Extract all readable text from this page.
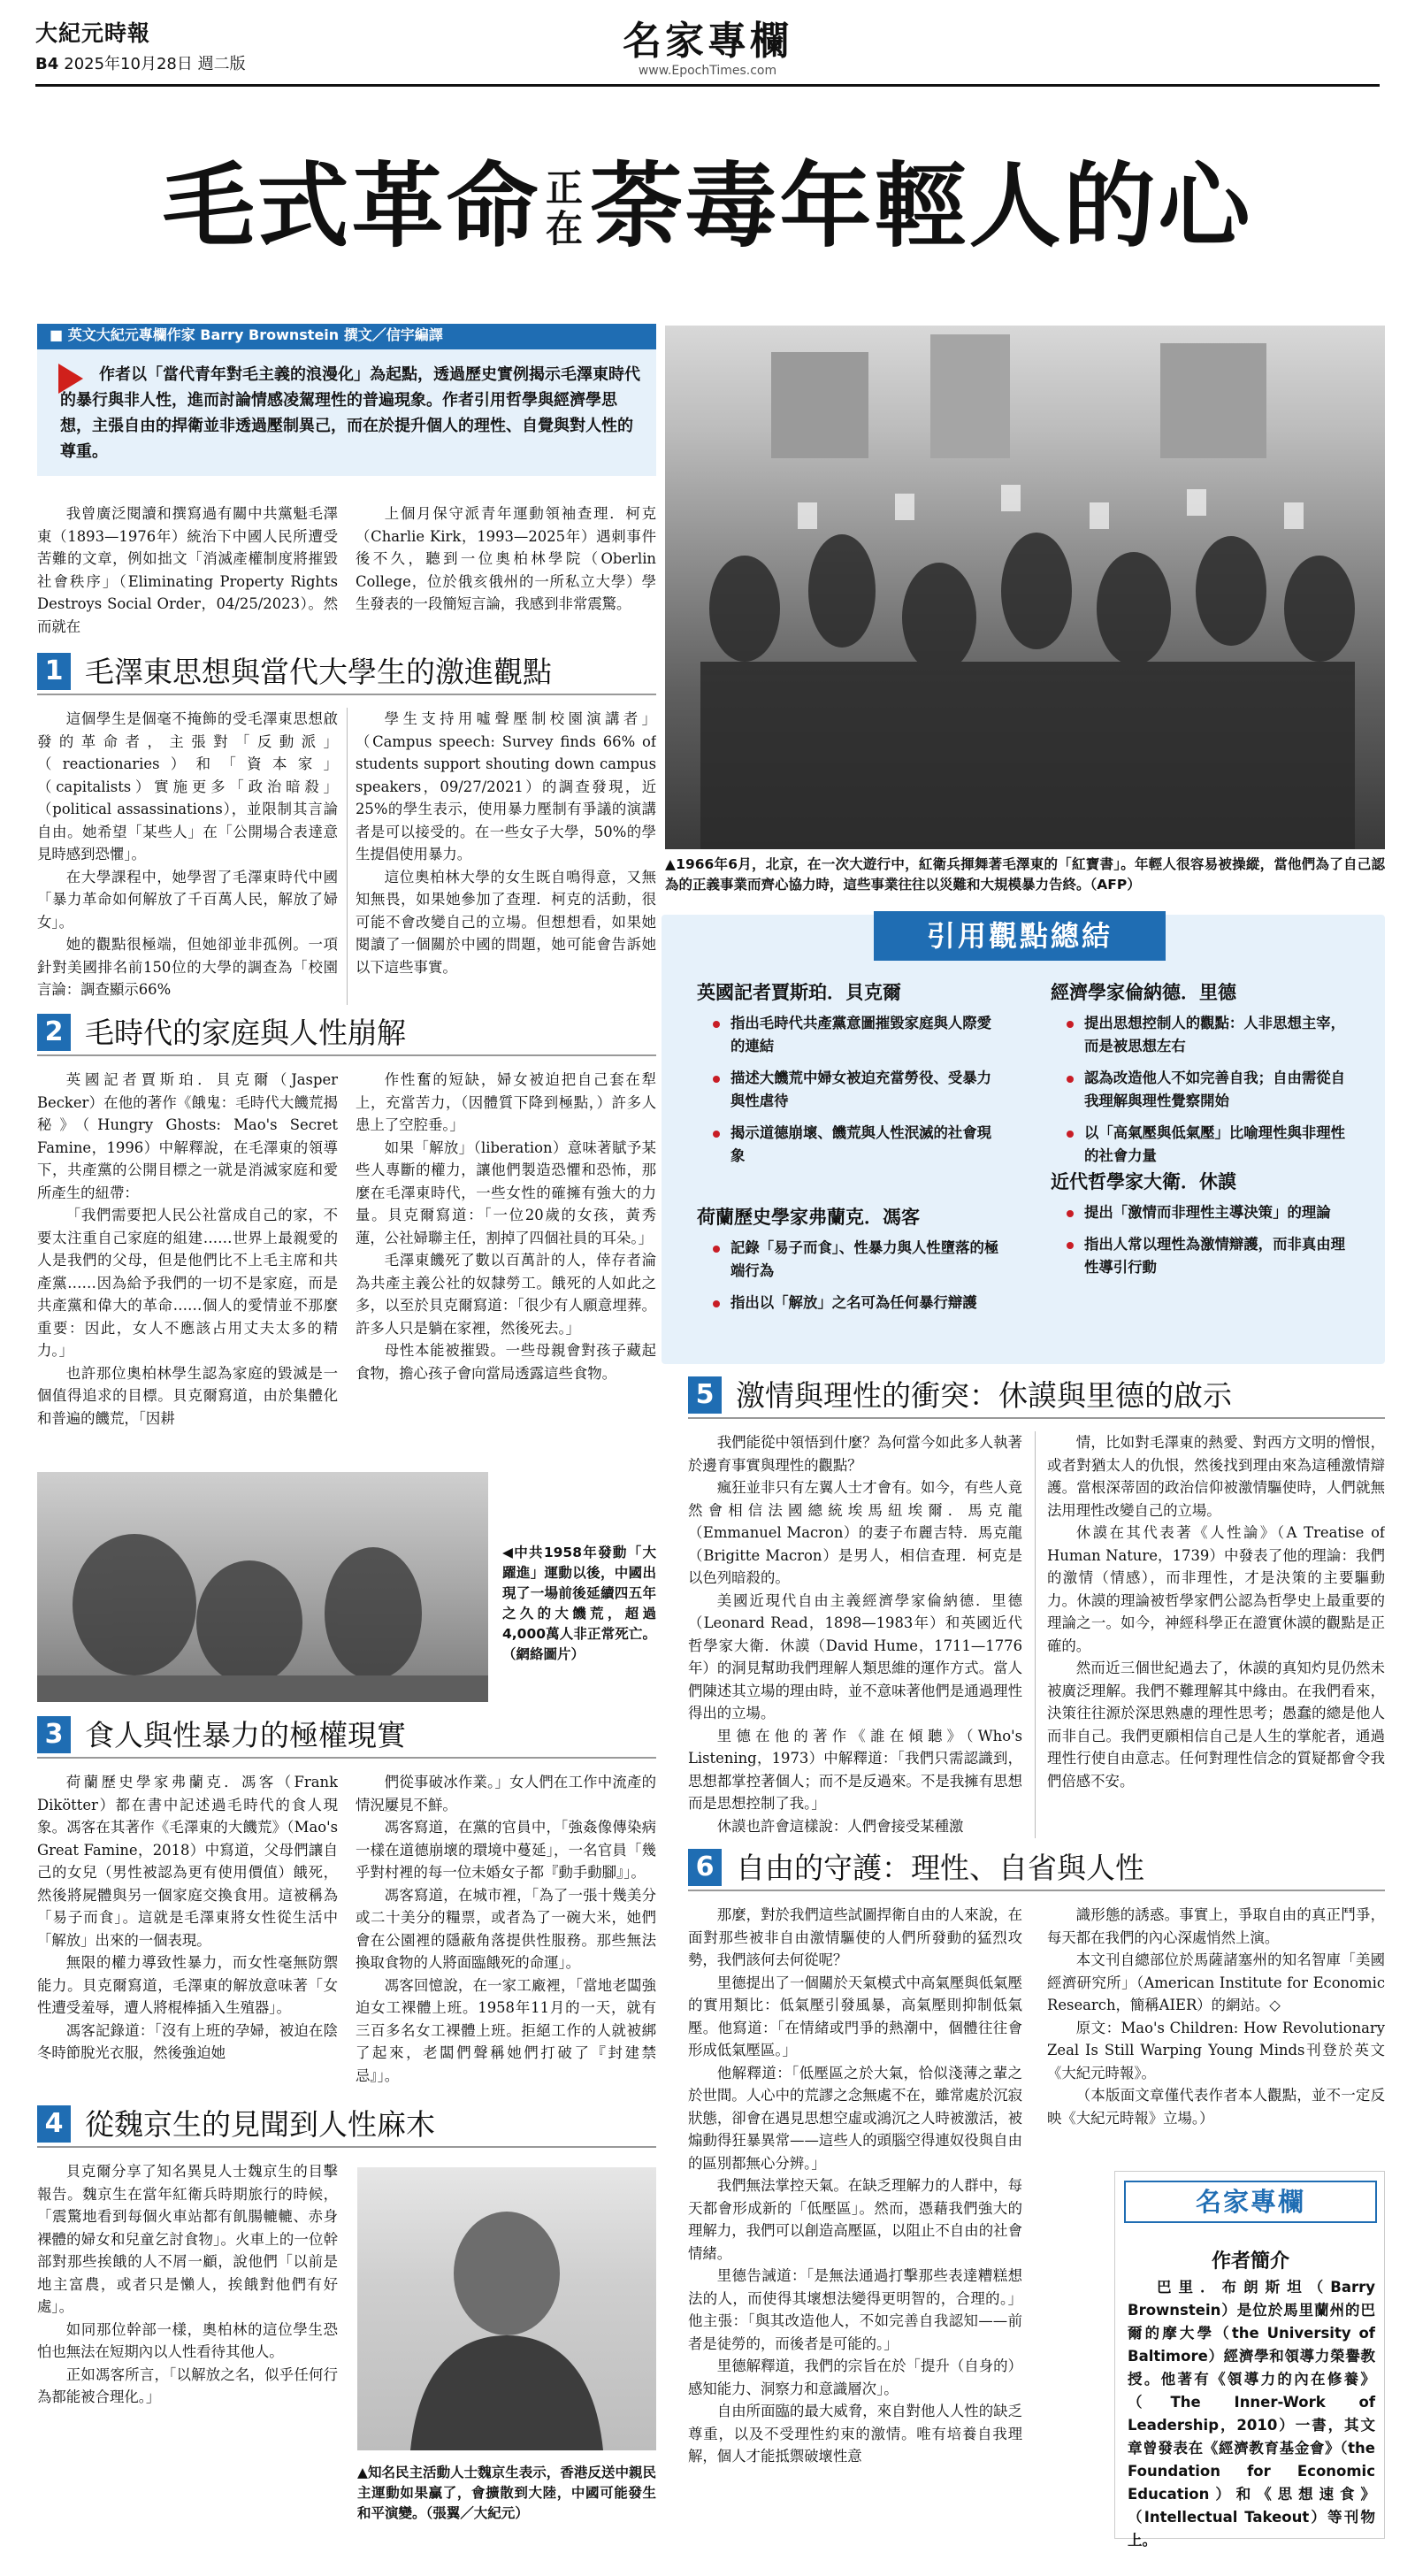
大紀元時報
B4 2025年10月28日 週二版
名家專欄
www.EpochTimes.com
毛式革命 正
在荼毒年輕人的心
■ 英文大紀元專欄作家 Barry Brownstein 撰文／信宇編譯
作者以「當代青年對毛主義的浪漫化」為起點，透過歷史實例揭示毛澤東時代的暴行與非人性，進而討論情感凌駕理性的普遍現象。作者引用哲學與經濟學思想，主張自由的捍衛並非透過壓制異己，而在於提升個人的理性、自覺與對人性的尊重。

我曾廣泛閱讀和撰寫過有關中共黨魁毛澤東（1893—1976年）統治下中國人民所遭受苦難的文章，例如拙文「消滅產權制度將摧毀社會秩序」（Eliminating Property Rights Destroys Social Order，04/25/2023）。然而就在

上個月保守派青年運動領袖查理．柯克（Charlie Kirk，1993—2025年）遇刺事件後不久，聽到一位奧柏林學院（Oberlin College，位於俄亥俄州的一所私立大學）學生發表的一段簡短言論，我感到非常震驚。

1 毛澤東思想與當代大學生的激進觀點

這個學生是個毫不掩飾的受毛澤東思想啟發的革命者，主張對「反動派」（reactionaries）和「資本家」（capitalists）實施更多「政治暗殺」（political assassinations），並限制其言論自由。她希望「某些人」在「公開場合表達意見時感到恐懼」。

在大學課程中，她學習了毛澤東時代中國「暴力革命如何解放了千百萬人民，解放了婦女」。

她的觀點很極端，但她卻並非孤例。一項針對美國排名前150位的大學的調查為「校園言論：調查顯示66%

學生支持用噓聲壓制校園演講者」（Campus speech: Survey finds 66% of students support shouting down campus speakers，09/27/2021）的調查發現，近25%的學生表示，使用暴力壓制有爭議的演講者是可以接受的。在一些女子大學，50%的學生提倡使用暴力。

這位奧柏林大學的女生既自鳴得意，又無知無畏，如果她參加了查理．柯克的活動，很可能不會改變自己的立場。但想想看，如果她閱讀了一個關於中國的問題，她可能會告訴她以下這些事實。

2 毛時代的家庭與人性崩解

英國記者賈斯珀．貝克爾（Jasper Becker）在他的著作《餓鬼：毛時代大饑荒揭秘》（Hungry Ghosts: Mao's Secret Famine，1996）中解釋說，在毛澤東的領導下，共產黨的公開目標之一就是消滅家庭和愛所產生的紐帶：

「我們需要把人民公社當成自己的家，不要太注重自己家庭的組建……世界上最親愛的人是我們的父母，但是他們比不上毛主席和共產黨……因為給予我們的一切不是家庭，而是共產黨和偉大的革命……個人的愛情並不那麼重要：因此，女人不應該占用丈夫太多的精力。」

也許那位奧柏林學生認為家庭的毀滅是一個值得追求的目標。貝克爾寫道，由於集體化和普遍的饑荒，「因耕

作性奮的短缺，婦女被迫把自己套在犁上，充當苦力，（因體質下降到極點，）許多人患上了空腔垂。」

如果「解放」（liberation）意味著賦予某些人專斷的權力，讓他們製造恐懼和恐怖，那麼在毛澤東時代，一些女性的確擁有強大的力量。貝克爾寫道：「一位20歲的女孩，黃秀蓮，公社婦聯主任，割掉了四個社員的耳朵。」

毛澤東饑死了數以百萬計的人，倖存者淪為共產主義公社的奴隸勞工。餓死的人如此之多，以至於貝克爾寫道：「很少有人願意埋葬。許多人只是躺在家裡，然後死去。」

母性本能被摧毀。一些母親會對孩子藏起食物，擔心孩子會向當局透露這些食物。

▲1966年6月，北京，在一次大遊行中，紅衛兵揮舞著毛澤東的「紅寶書」。年輕人很容易被操縱，當他們為了自己認為的正義事業而齊心協力時，這些事業往往以災難和大規模暴力告終。（AFP）
引用觀點總結
英國記者賈斯珀．貝克爾
指出毛時代共產黨意圖摧毀家庭與人際愛的連結
描述大饑荒中婦女被迫充當勞役、受暴力與性虐待
揭示道德崩壞、饑荒與人性泯滅的社會現象
荷蘭歷史學家弗蘭克．馮客
記錄「易子而食」、性暴力與人性墮落的極端行為
指出以「解放」之名可為任何暴行辯護
經濟學家倫納德．里德
提出思想控制人的觀點：人非思想主宰，而是被思想左右
認為改造他人不如完善自我；自由需從自我理解與理性覺察開始
以「高氣壓與低氣壓」比喻理性與非理性的社會力量
近代哲學家大衛．休謨
提出「激情而非理性主導決策」的理論
指出人常以理性為激情辯護，而非真由理性導引行動
◀中共1958年發動「大躍進」運動以後，中國出現了一場前後延續四五年之久的大饑荒，超過4,000萬人非正常死亡。（網絡圖片）
3 食人與性暴力的極權現實

荷蘭歷史學家弗蘭克．馮客（Frank Dikötter）都在書中記述過毛時代的食人現象。馮客在其著作《毛澤東的大饑荒》（Mao's Great Famine，2018）中寫道，父母們讓自己的女兒（男性被認為更有使用價值）餓死，然後將屍體與另一個家庭交換食用。這被稱為「易子而食」。這就是毛澤東將女性從生活中「解放」出來的一個表現。

無限的權力導致性暴力，而女性毫無防禦能力。貝克爾寫道，毛澤東的解放意味著「女性遭受羞辱，遭人將棍棒插入生殖器」。

馮客記錄道：「沒有上班的孕婦，被迫在陰冬時節脫光衣服，然後強迫她

們從事破冰作業。」女人們在工作中流產的情況屢見不鮮。

馮客寫道，在黨的官員中，「強姦像傳染病一樣在道德崩壞的環境中蔓延」，一名官員「幾乎對村裡的每一位未婚女子都『動手動腳』」。

馮客寫道，在城市裡，「為了一張十幾美分或二十美分的糧票，或者為了一碗大米，她們會在公園裡的隱蔽角落提供性服務。那些無法換取食物的人將面臨餓死的命運」。

馮客回憶說，在一家工廠裡，「當地老闆強迫女工裸體上班。1958年11月的一天，就有三百多名女工裸體上班。拒絕工作的人就被綁了起來，老闆們聲稱她們打破了『封建禁忌』」。

4 從魏京生的見聞到人性麻木

貝克爾分享了知名異見人士魏京生的目擊報告。魏京生在當年紅衛兵時期旅行的時候，「震驚地看到每個火車站都有飢腸轆轆、赤身裸體的婦女和兒童乞討食物」。火車上的一位幹部對那些挨餓的人不屑一顧，說他們「以前是地主富農，或者只是懶人，挨餓對他們有好處」。

如同那位幹部一樣，奧柏林的這位學生恐怕也無法在短期內以人性看待其他人。

正如馮客所言，「以解放之名，似乎任何行為都能被合理化。」

▲知名民主活動人士魏京生表示，香港反送中親民主運動如果贏了，會擴散到大陸，中國可能發生和平演變。（張翼／大紀元）
5 激情與理性的衝突：休謨與里德的啟示

我們能從中領悟到什麼？為何當今如此多人執著於邊育事實與理性的觀點？

瘋狂並非只有左翼人士才會有。如今，有些人竟然會相信法國總統埃馬紐埃爾．馬克龍（Emmanuel Macron）的妻子布麗吉特．馬克龍（Brigitte Macron）是男人，相信查理．柯克是以色列暗殺的。

美國近現代自由主義經濟學家倫納德．里德（Leonard Read，1898—1983年）和英國近代哲學家大衛．休謨（David Hume，1711—1776年）的洞見幫助我們理解人類思維的運作方式。當人們陳述其立場的理由時，並不意味著他們是通過理性得出的立場。

里德在他的著作《誰在傾聽》（Who's Listening，1973）中解釋道：「我們只需認識到，思想都掌控著個人；而不是反過來。不是我擁有思想而是思想控制了我。」

休謨也許會這樣說：人們會接受某種激

情，比如對毛澤東的熱愛、對西方文明的憎恨，或者對猶太人的仇恨，然後找到理由來為這種激情辯護。當根深蒂固的政治信仰被激情驅使時，人們就無法用理性改變自己的立場。

休謨在其代表著《人性論》（A Treatise of Human Nature，1739）中發表了他的理論：我們的激情（情感），而非理性，才是決策的主要驅動力。休謨的理論被哲學家們公認為哲學史上最重要的理論之一。如今，神經科學正在證實休謨的觀點是正確的。

然而近三個世紀過去了，休謨的真知灼見仍然未被廣泛理解。我們不難理解其中緣由。在我們看來，決策往往源於深思熟慮的理性思考；愚蠢的總是他人而非自己。我們更願相信自己是人生的掌舵者，通過理性行使自由意志。任何對理性信念的質疑都會令我們倍感不安。

6 自由的守護：理性、自省與人性

那麼，對於我們這些試圖捍衛自由的人來說，在面對那些被非自由激情驅使的人們所發動的猛烈攻勢，我們該何去何從呢？

里德提出了一個關於天氣模式中高氣壓與低氣壓的實用類比：低氣壓引發風暴，高氣壓則抑制低氣壓。他寫道：「在情緒或門爭的熱潮中，個體往往會形成低氣壓區。」

他解釋道：「低壓區之於大氣，恰似淺薄之輩之於世間。人心中的荒謬之念無處不在，雖常處於沉寂狀態，卻會在遇見思想空虛或鴻沉之人時被激活，被煽動得狂暴異常——這些人的頭腦空得連奴役與自由的區別都無心分辨。」

我們無法掌控天氣。在缺乏理解力的人群中，每天都會形成新的「低壓區」。然而，憑藉我們強大的理解力，我們可以創造高壓區，以阻止不自由的社會情緒。

里德告誡道：「是無法通過打擊那些表達糟糕想法的人，而使得其壞想法變得更明智的，合理的。」他主張：「與其改造他人，不如完善自我認知——前者是徒勞的，而後者是可能的。」

里德解釋道，我們的宗旨在於「提升（自身的）感知能力、洞察力和意識層次」。

自由所面臨的最大威脅，來自對他人人性的缺乏尊重，以及不受理性約束的激情。唯有培養自我理解，個人才能抵禦破壞性意

識形態的誘惑。事實上，爭取自由的真正鬥爭，每天都在我們的內心深處悄然上演。

本文刊自總部位於馬薩諸塞州的知名智庫「美國經濟研究所」（American Institute for Economic Research，簡稱AIER）的網站。◇

原文：Mao's Children: How Revolutionary Zeal Is Still Warping Young Minds刊登於英文《大紀元時報》。

（本版面文章僅代表作者本人觀點，並不一定反映《大紀元時報》立場。）

名家專欄
作者簡介
巴里．布朗斯坦（Barry Brownstein）是位於馬里蘭州的巴爾的摩大學（the University of Baltimore）經濟學和領導力榮譽教授。他著有《領導力的內在修養》（The Inner-Work of Leadership，2010）一書，其文章曾發表在《經濟教育基金會》（the Foundation for Economic Education）和《思想速食》（Intellectual Takeout）等刊物上。
